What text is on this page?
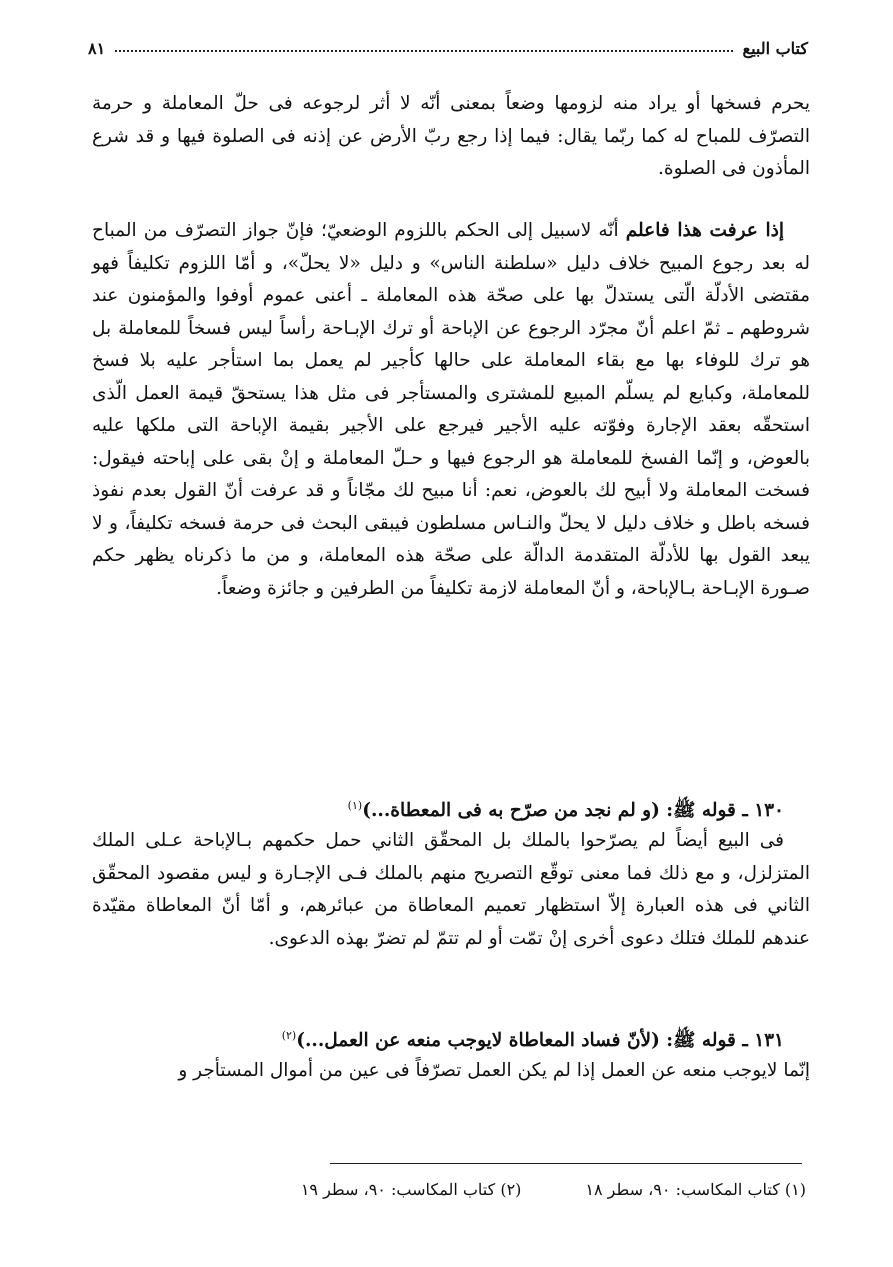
كتاب البيع
٨١
يحرم فسخها أو يراد منه لزومها وضعاً بمعنى أنّه لا أثر لرجوعه فى حلّ المعاملة و حرمة التصرّف للمباح له كما ربّما يقال: فيما إذا رجع ربّ الأرض عن إذنه فى الصلوة فيها و قد شرع المأذون فى الصلوة.
إذا عرفت هذا فاعلم أنّه لاسبيل إلى الحكم باللزوم الوضعيّ؛ فإنّ جواز التصرّف من المباح له بعد رجوع المبيح خلاف دليل «سلطنة الناس» و دليل «لا يحلّ»، و أمّا اللزوم تكليفاً فهو مقتضى الأدلّة الّتى يستدلّ بها على صحّة هذه المعاملة ـ أعنى عموم أوفوا والمؤمنون عند شروطهم ـ ثمّ اعلم أنّ مجرّد الرجوع عن الإباحة أو ترك الإبـاحة رأساً ليس فسخاً للمعاملة بل هو ترك للوفاء بها مع بقاء المعاملة على حالها كأجير لم يعمل بما استأجر عليه بلا فسخ للمعاملة، وكبايع لم يسلّم المبيع للمشترى والمستأجر فى مثل هذا يستحقّ قيمة العمل الّذى استحقّه بعقد الإجارة وفوّته عليه الأجير فيرجع على الأجير بقيمة الإباحة التى ملكها عليه بالعوض، و إنّما الفسخ للمعاملة هو الرجوع فيها و حـلّ المعاملة و إنْ بقى على إباحته فيقول: فسخت المعاملة ولا أبيح لك بالعوض، نعم: أنا مبيح لك مجّاناً و قد عرفت أنّ القول بعدم نفوذ فسخه باطل و خلاف دليل لا يحلّ والنـاس مسلطون فيبقى البحث فى حرمة فسخه تكليفاً، و لا يبعد القول بها للأدلّة المتقدمة الدالّة على صحّة هذه المعاملة، و من ما ذكرناه يظهر حكم صـورة الإبـاحة بـالإباحة، و أنّ المعاملة لازمة تكليفاً من الطرفين و جائزة وضعاً.
١٣٠ ـ قوله ﷺ: (و لم نجد من صرّح به فى المعطاة...)$^{(١)}$
فى البيع أيضاً لم يصرّحوا بالملك بل المحقّق الثاني حمل حكمهم بـالإباحة عـلى الملك المتزلزل، و مع ذلك فما معنى توقّع التصريح منهم بالملك فـى الإجـارة و ليس مقصود المحقّق الثاني فى هذه العبارة إلاّ استظهار تعميم المعاطاة من عبائرهم، و أمّا أنّ المعاطاة مقيّدة عندهم للملك فتلك دعوى أخرى إنْ تمّت أو لم تتمّ لم تضرّ بهذه الدعوى.
١٣١ ـ قوله ﷺ: (لأنّ فساد المعاطاة لايوجب منعه عن العمل...)$^{(٢)}$
إنّما لايوجب منعه عن العمل إذا لم يكن العمل تصرّفاً فى عين من أموال المستأجر و
(١) كتاب المكاسب: ٩٠، سطر ١٨
(٢) كتاب المكاسب: ٩٠، سطر ١٩
